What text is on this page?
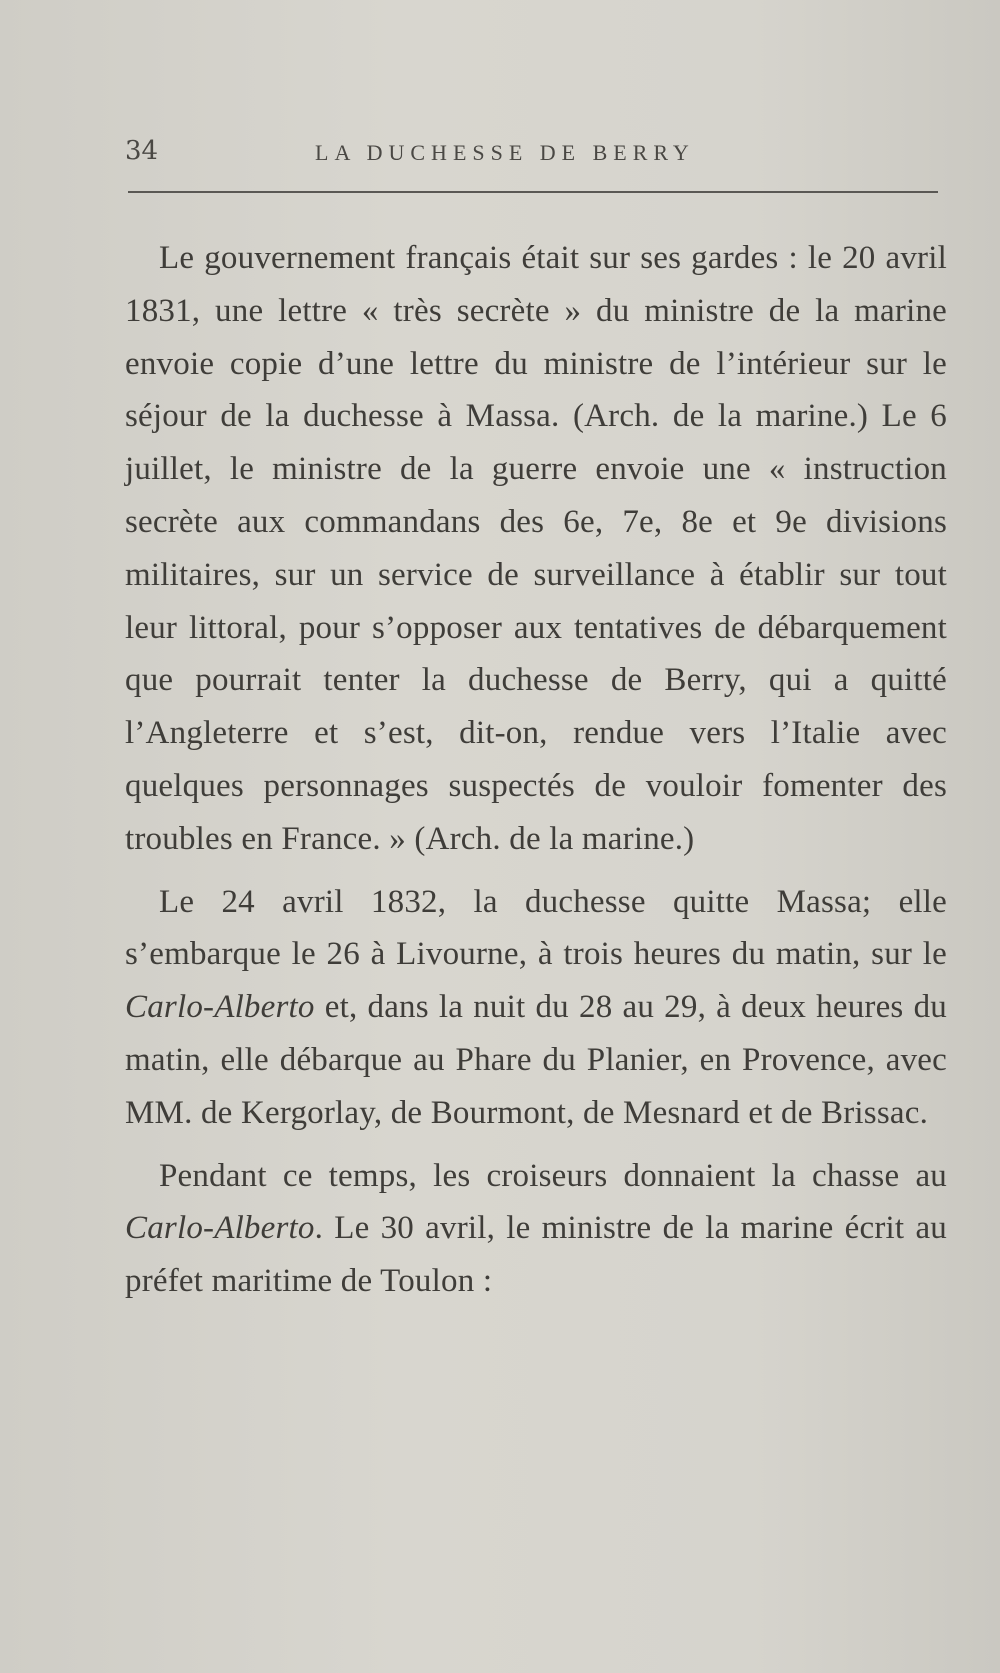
34	LA DUCHESSE DE BERRY

Le gouvernement français était sur ses gardes : le 20 avril 1831, une lettre « très secrète » du ministre de la marine envoie copie d’une lettre du ministre de l’intérieur sur le séjour de la duchesse à Massa. (Arch. de la marine.) Le 6 juillet, le ministre de la guerre envoie une « instruction secrète aux commandans des 6e, 7e, 8e et 9e divisions militaires, sur un service de surveillance à établir sur tout leur littoral, pour s’opposer aux tentatives de débarquement que pourrait tenter la duchesse de Berry, qui a quitté l’Angleterre et s’est, dit-on, rendue vers l’Italie avec quelques personnages suspectés de vouloir fomenter des troubles en France. » (Arch. de la marine.)

Le 24 avril 1832, la duchesse quitte Massa; elle s’embarque le 26 à Livourne, à trois heures du matin, sur le Carlo-Alberto et, dans la nuit du 28 au 29, à deux heures du matin, elle débarque au Phare du Planier, en Provence, avec MM. de Kergorlay, de Bourmont, de Mesnard et de Brissac.

Pendant ce temps, les croiseurs donnaient la chasse au Carlo-Alberto. Le 30 avril, le ministre de la marine écrit au préfet maritime de Toulon :
